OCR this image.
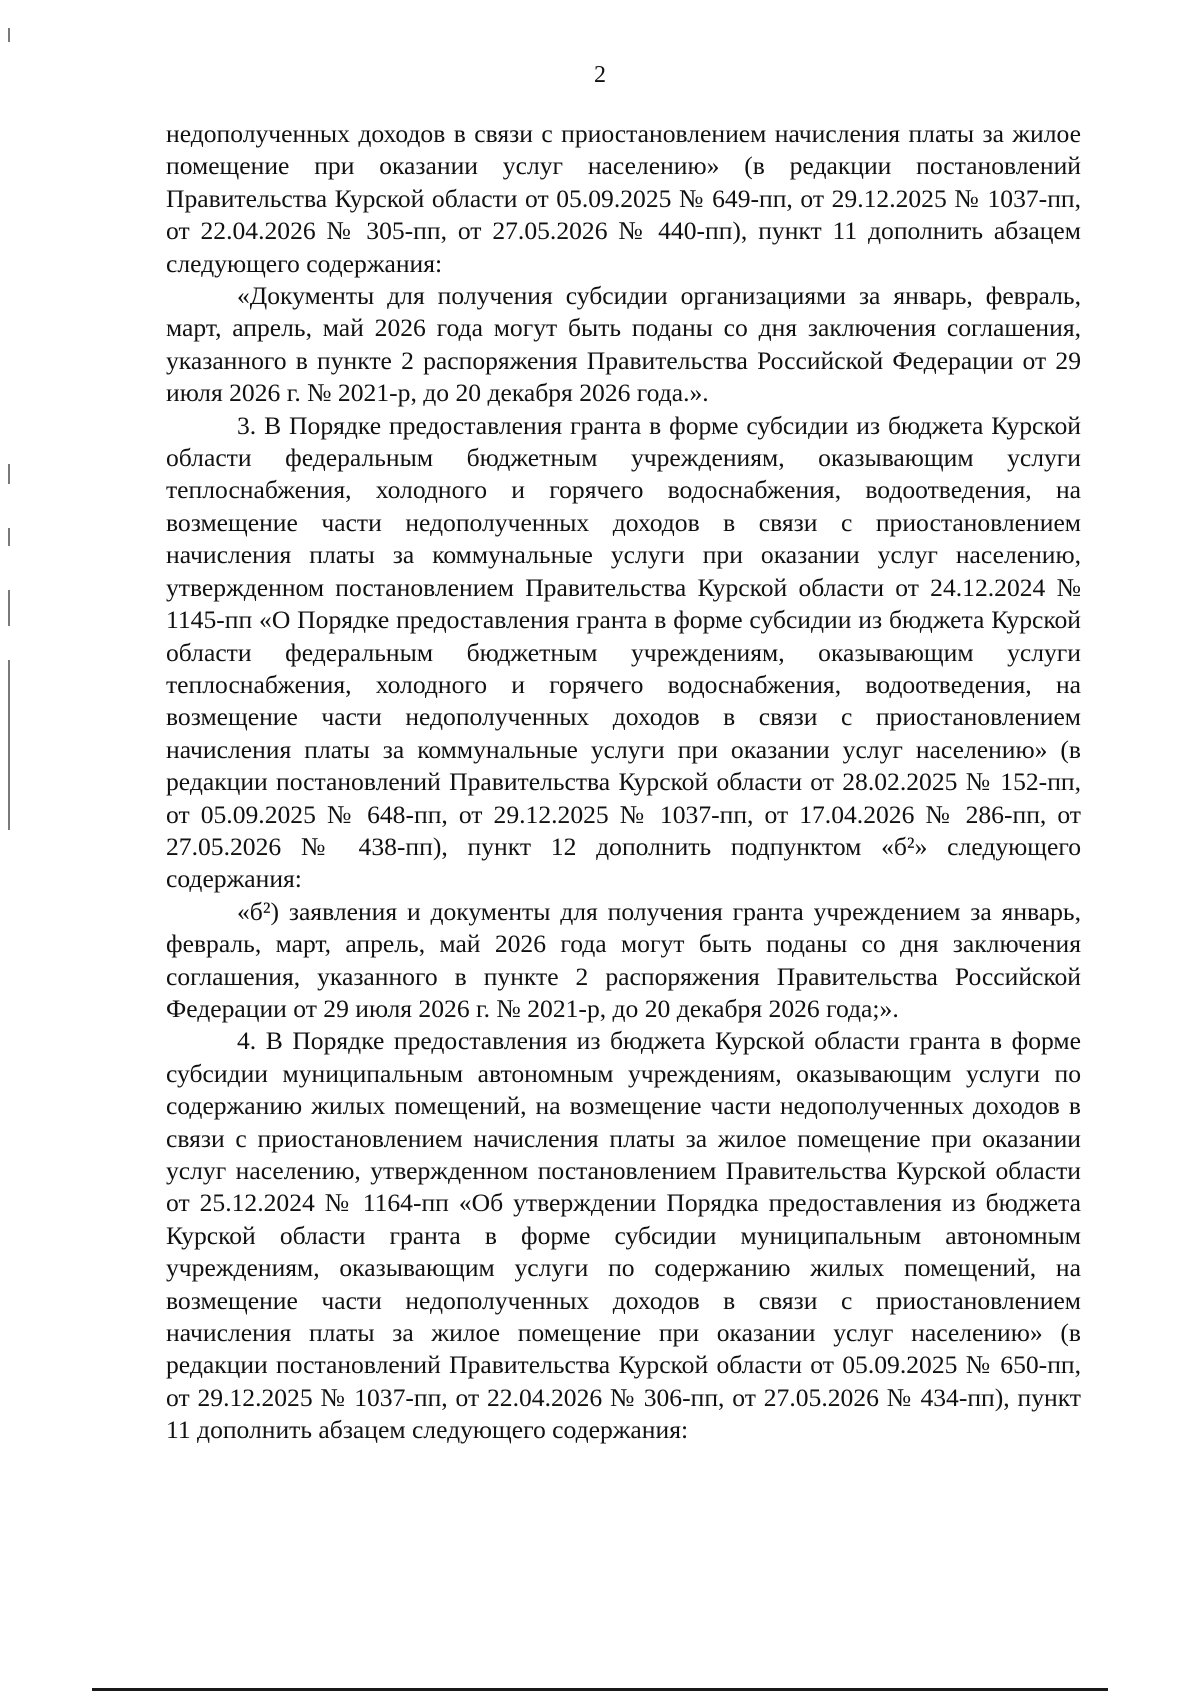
2

недополученных доходов в связи с приостановлением начисления платы за жилое помещение при оказании услуг населению» (в редакции постановлений Правительства Курской области от 05.09.2025 № 649-пп, от 29.12.2025 № 1037-пп, от 22.04.2026 № 305-пп, от 27.05.2026 № 440-пп), пункт 11 дополнить абзацем следующего содержания:

«Документы для получения субсидии организациями за январь, февраль, март, апрель, май 2026 года могут быть поданы со дня заключения соглашения, указанного в пункте 2 распоряжения Правительства Российской Федерации от 29 июля 2026 г. № 2021-р, до 20 декабря 2026 года.».

3. В Порядке предоставления гранта в форме субсидии из бюджета Курской области федеральным бюджетным учреждениям, оказывающим услуги теплоснабжения, холодного и горячего водоснабжения, водоотведения, на возмещение части недополученных доходов в связи с приостановлением начисления платы за коммунальные услуги при оказании услуг населению, утвержденном постановлением Правительства Курской области от 24.12.2024 № 1145-пп «О Порядке предоставления гранта в форме субсидии из бюджета Курской области федеральным бюджетным учреждениям, оказывающим услуги теплоснабжения, холодного и горячего водоснабжения, водоотведения, на возмещение части недополученных доходов в связи с приостановлением начисления платы за коммунальные услуги при оказании услуг населению» (в редакции постановлений Правительства Курской области от 28.02.2025 № 152-пп, от 05.09.2025 № 648-пп, от 29.12.2025 № 1037-пп, от 17.04.2026 № 286-пп, от 27.05.2026 № 438-пп), пункт 12 дополнить подпунктом «б²» следующего содержания:

«б²) заявления и документы для получения гранта учреждением за январь, февраль, март, апрель, май 2026 года могут быть поданы со дня заключения соглашения, указанного в пункте 2 распоряжения Правительства Российской Федерации от 29 июля 2026 г. № 2021-р, до 20 декабря 2026 года;».

4. В Порядке предоставления из бюджета Курской области гранта в форме субсидии муниципальным автономным учреждениям, оказывающим услуги по содержанию жилых помещений, на возмещение части недополученных доходов в связи с приостановлением начисления платы за жилое помещение при оказании услуг населению, утвержденном постановлением Правительства Курской области от 25.12.2024 № 1164-пп «Об утверждении Порядка предоставления из бюджета Курской области гранта в форме субсидии муниципальным автономным учреждениям, оказывающим услуги по содержанию жилых помещений, на возмещение части недополученных доходов в связи с приостановлением начисления платы за жилое помещение при оказании услуг населению» (в редакции постановлений Правительства Курской области от 05.09.2025 № 650-пп, от 29.12.2025 № 1037-пп, от 22.04.2026 № 306-пп, от 27.05.2026 № 434-пп), пункт 11 дополнить абзацем следующего содержания:
